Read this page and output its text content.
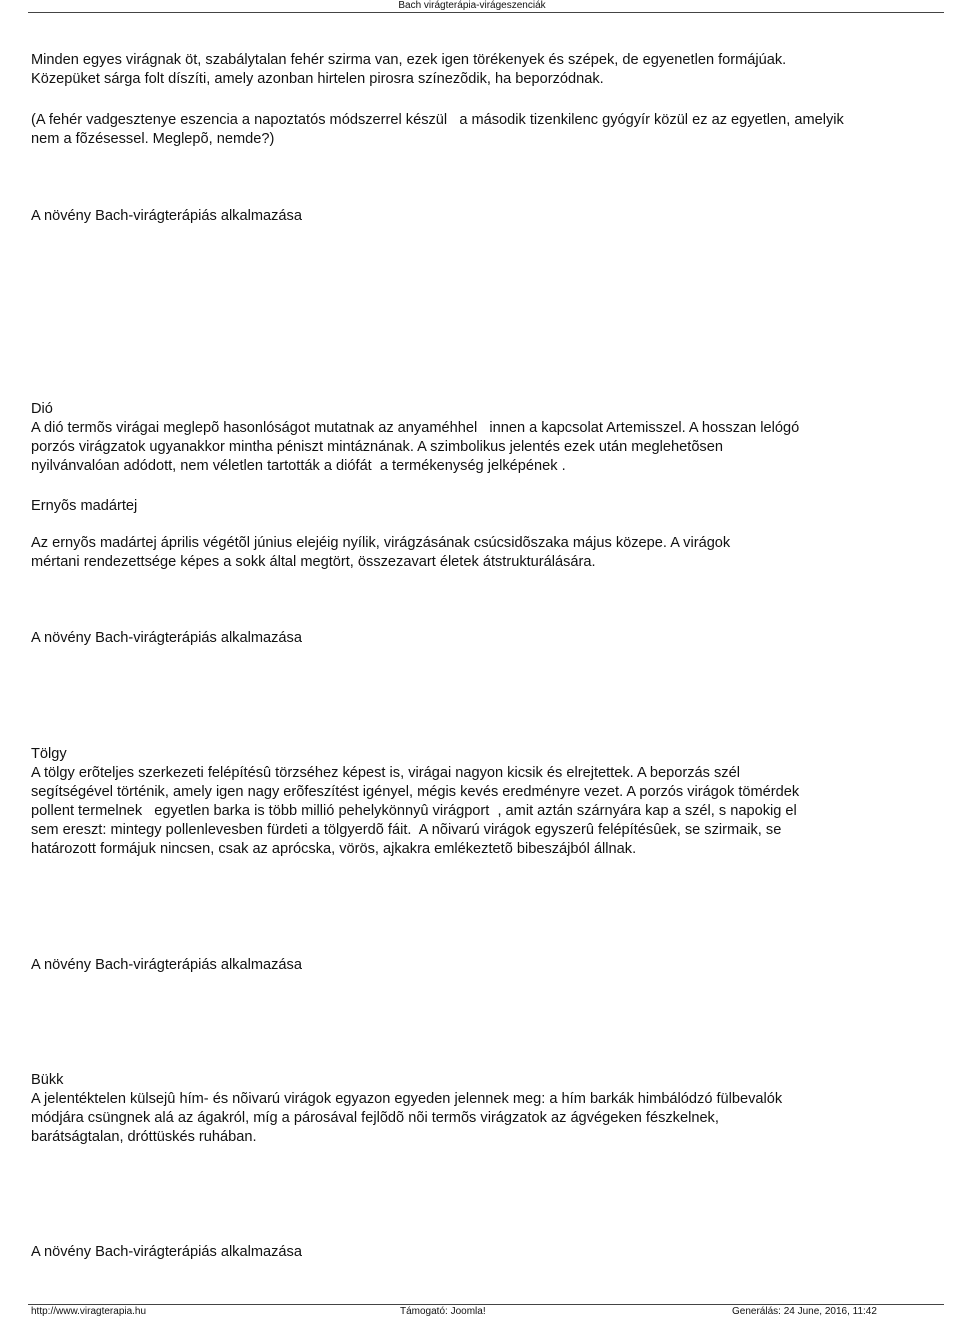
Bach virágterápia-virágeszenciák

Minden egyes virágnak öt, szabálytalan fehér szirma van, ezek igen törékenyek és szépek, de egyenetlen formájúak.
Közepüket sárga folt díszíti, amely azonban hirtelen pirosra színezõdik, ha beporzódnak.

(A fehér vadgesztenye eszencia a napoztatós módszerrel készül   a második tizenkilenc gyógyír közül ez az egyetlen, amelyik
nem a fõzésessel. Meglepõ, nemde?)

A növény Bach-virágterápiás alkalmazása

Dió

A dió termõs virágai meglepõ hasonlóságot mutatnak az anyaméhhel   innen a kapcsolat Artemisszel. A hosszan lelógó
porzós virágzatok ugyanakkor mintha péniszt mintáznának. A szimbolikus jelentés ezek után meglehetõsen
nyilvánvalóan adódott, nem véletlen tartották a diófát  a termékenység jelképének .

Ernyõs madártej

Az ernyõs madártej április végétõl június elejéig nyílik, virágzásának csúcsidõszaka május közepe. A virágok
mértani rendezettsége képes a sokk által megtört, összezavart életek átstrukturálására.

A növény Bach-virágterápiás alkalmazása

Tölgy

A tölgy erõteljes szerkezeti felépítésû törzséhez képest is, virágai nagyon kicsik és elrejtettek. A beporzás szél
segítségével történik, amely igen nagy erõfeszítést igényel, mégis kevés eredményre vezet. A porzós virágok tömérdek
pollent termelnek   egyetlen barka is több millió pehelykönnyû virágport  , amit aztán szárnyára kap a szél, s napokig el
sem ereszt: mintegy pollenlevesben fürdeti a tölgyerdõ fáit.  A nõivarú virágok egyszerû felépítésûek, se szirmaik, se
határozott formájuk nincsen, csak az aprócska, vörös, ajkakra emlékeztetõ bibeszájból állnak.

A növény Bach-virágterápiás alkalmazása

Bükk

A jelentéktelen külsejû hím- és nõivarú virágok egyazon egyeden jelennek meg: a hím barkák himbálódzó fülbevalók
módjára csüngnek alá az ágakról, míg a párosával fejlõdõ nõi termõs virágzatok az ágvégeken fészkelnek,
barátságtalan, dróttüskés ruhában.

A növény Bach-virágterápiás alkalmazása

http://www.viragterapia.hu	Támogató: Joomla!	Generálás: 24 June, 2016, 11:42
